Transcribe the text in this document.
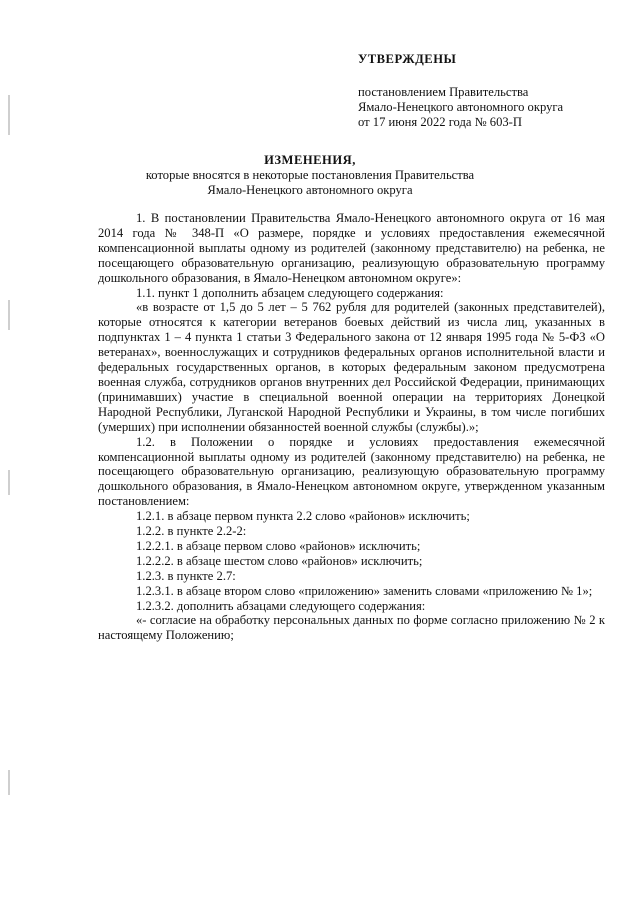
УТВЕРЖДЕНЫ
постановлением Правительства
Ямало-Ненецкого автономного округа
от 17 июня 2022 года № 603-П
ИЗМЕНЕНИЯ,
которые вносятся в некоторые постановления Правительства
Ямало-Ненецкого автономного округа

1. В постановлении Правительства Ямало-Ненецкого автономного округа от 16 мая 2014 года № 348-П «О размере, порядке и условиях предоставления ежемесячной компенсационной выплаты одному из родителей (законному представителю) на ребенка, не посещающего образовательную организацию, реализующую образовательную программу дошкольного образования, в Ямало-Ненецком автономном округе»:

1.1. пункт 1 дополнить абзацем следующего содержания:

«в возрасте от 1,5 до 5 лет – 5 762 рубля для родителей (законных представителей), которые относятся к категории ветеранов боевых действий из числа лиц, указанных в подпунктах 1 – 4 пункта 1 статьи 3 Федерального закона от 12 января 1995 года № 5-ФЗ «О ветеранах», военнослужащих и сотрудников федеральных органов исполнительной власти и федеральных государственных органов, в которых федеральным законом предусмотрена военная служба, сотрудников органов внутренних дел Российской Федерации, принимающих (принимавших) участие в специальной военной операции на территориях Донецкой Народной Республики, Луганской Народной Республики и Украины, в том числе погибших (умерших) при исполнении обязанностей военной службы (службы).»;

1.2. в Положении о порядке и условиях предоставления ежемесячной компенсационной выплаты одному из родителей (законному представителю) на ребенка, не посещающего образовательную организацию, реализующую образовательную программу дошкольного образования, в Ямало-Ненецком автономном округе, утвержденном указанным постановлением:

1.2.1. в абзаце первом пункта 2.2 слово «районов» исключить;

1.2.2. в пункте 2.2-2:

1.2.2.1. в абзаце первом слово «районов» исключить;

1.2.2.2. в абзаце шестом слово «районов» исключить;

1.2.3. в пункте 2.7:

1.2.3.1. в абзаце втором слово «приложению» заменить словами «приложению № 1»;

1.2.3.2. дополнить абзацами следующего содержания:

«- согласие на обработку персональных данных по форме согласно приложению № 2 к настоящему Положению;
